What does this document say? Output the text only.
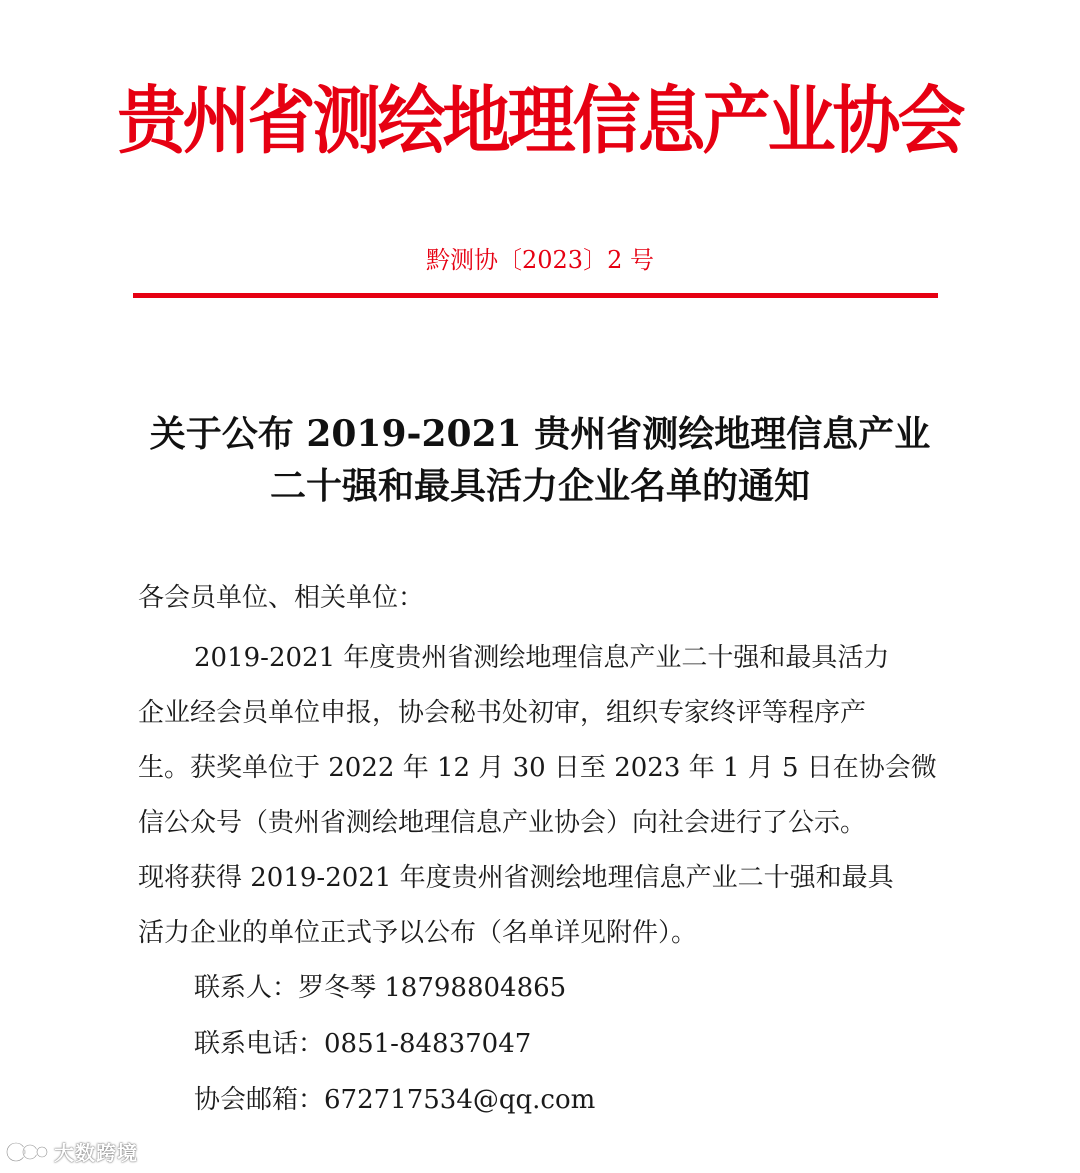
贵州省测绘地理信息产业协会
黔测协〔2023〕2 号
关于公布 2019-2021 贵州省测绘地理信息产业
二十强和最具活力企业名单的通知
各会员单位、相关单位：
2019-2021 年度贵州省测绘地理信息产业二十强和最具活力
企业经会员单位申报，协会秘书处初审，组织专家终评等程序产
生。获奖单位于 2022 年 12 月 30 日至 2023 年 1 月 5 日在协会微
信公众号（贵州省测绘地理信息产业协会）向社会进行了公示。
现将获得 2019-2021 年度贵州省测绘地理信息产业二十强和最具
活力企业的单位正式予以公布（名单详见附件）。
联系人：罗冬琴 18798804865
联系电话：0851-84837047
协会邮箱：672717534@qq.com
大数跨境
